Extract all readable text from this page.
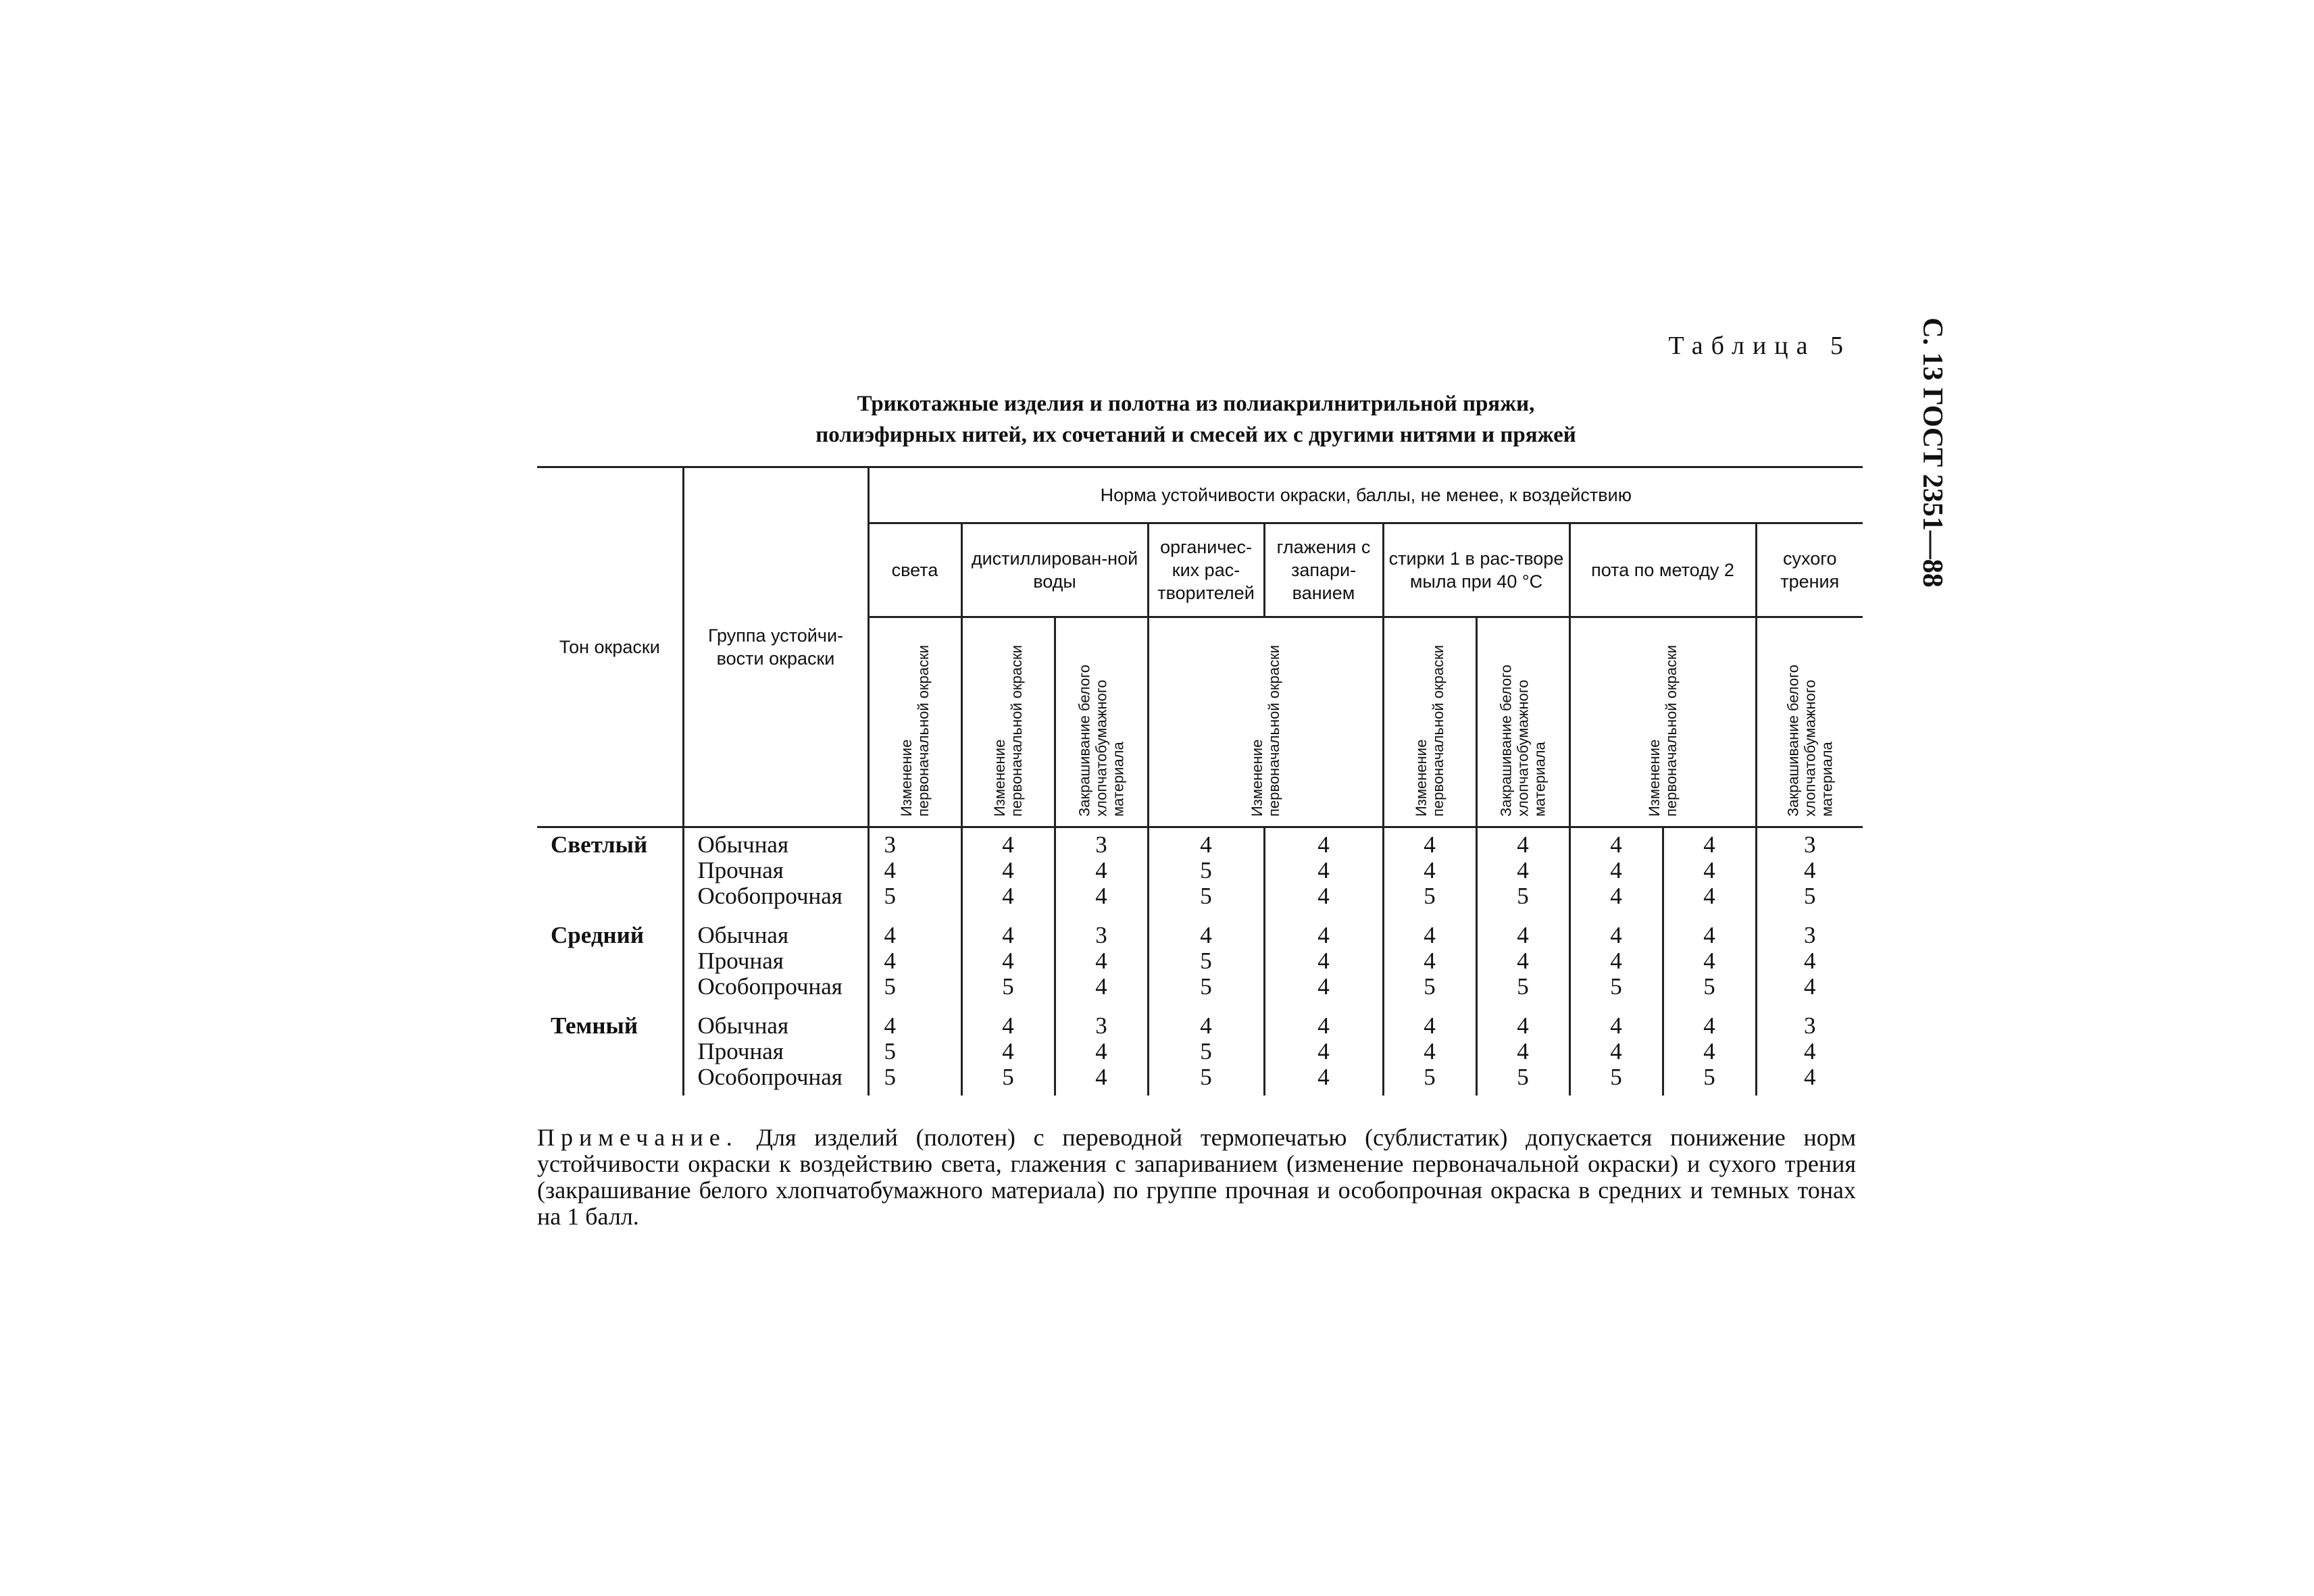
С. 13 ГОСТ 2351—88
Таблица 5
Трикотажные изделия и полотна из полиакрилнитрильной пряжи,
полиэфирных нитей, их сочетаний и смесей их с другими нитями и пряжей
Тон окраски	Группа устойчи-вости окраски	Норма устойчивости окраски, баллы, не менее, к воздействию									
		света	дистиллирован-ной воды		органичес-ких рас-творителей	глажения с запари-ванием	стирки 1 в рас-творе мыла при 40 °С		пота по методу 2		сухого трения

		Изменение первоначальной окраски	Изменение первоначальной окраски	Закрашивание белого хлопчатобумажного материала	Изменение первоначальной окраски		Изменение первоначальной окраски	Закрашивание белого хлопчатобумажного материала	Изменение первоначальной окраски		Закрашивание белого хлопчатобумажного материала

Светлый	Обычная	3	4	3	4	4	4	4	4	4	3
	Прочная	4	4	4	5	4	4	4	4	4	4
	Особопрочная	5	4	4	5	4	5	5	4	4	5

Средний	Обычная	4	4	3	4	4	4	4	4	4	3
	Прочная	4	4	4	5	4	4	4	4	4	4
	Особопрочная	5	5	4	5	4	5	5	5	5	4

Темный	Обычная	4	4	3	4	4	4	4	4	4	3
	Прочная	5	4	4	5	4	4	4	4	4	4
	Особопрочная	5	5	4	5	4	5	5	5	5	4

Примечание. Для изделий (полотен) с переводной термопечатью (сублистатик) допускается понижение норм устойчивости окраски к воздействию света, глажения с запариванием (изменение первоначальной окраски) и сухого трения (закрашивание белого хлопчатобумажного материала) по группе прочная и особопрочная окраска в средних и темных тонах на 1 балл.
